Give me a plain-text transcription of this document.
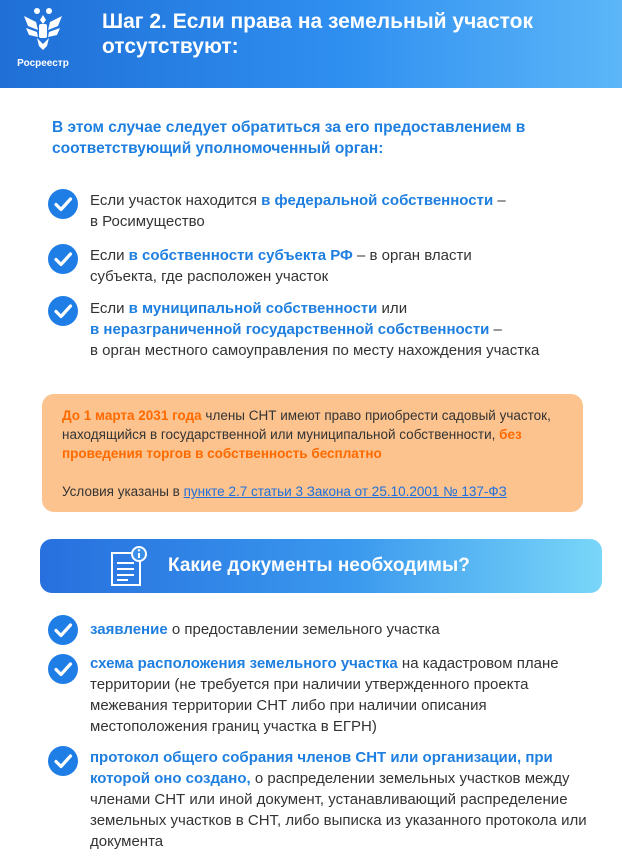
Росреестр
Шаг 2. Если права на земельный участок отсутствуют:
В этом случае следует обратиться за его предоставлением в соответствующий уполномоченный орган:
Если участок находится в федеральной собственности –
в Росимущество
Если в собственности субъекта РФ – в орган власти
субъекта, где расположен участок
Если в муниципальной собственности или
в неразграниченной государственной собственности –
в орган местного самоуправления по месту нахождения участка
До 1 марта 2031 года члены СНТ имеют право приобрести садовый участок, находящийся в государственной или муниципальной собственности, без проведения торгов в собственность бесплатно
Условия указаны в пункте 2.7 статьи 3 Закона от 25.10.2001 № 137-ФЗ
Какие документы необходимы?
заявление о предоставлении земельного участка
схема расположения земельного участка на кадастровом плане территории (не требуется при наличии утвержденного проекта межевания территории СНТ либо при наличии описания местоположения границ участка в ЕГРН)
протокол общего собрания членов СНТ или организации, при которой оно создано, о распределении земельных участков между членами СНТ или иной документ, устанавливающий распределение земельных участков в СНТ, либо выписка из указанного протокола или документа
